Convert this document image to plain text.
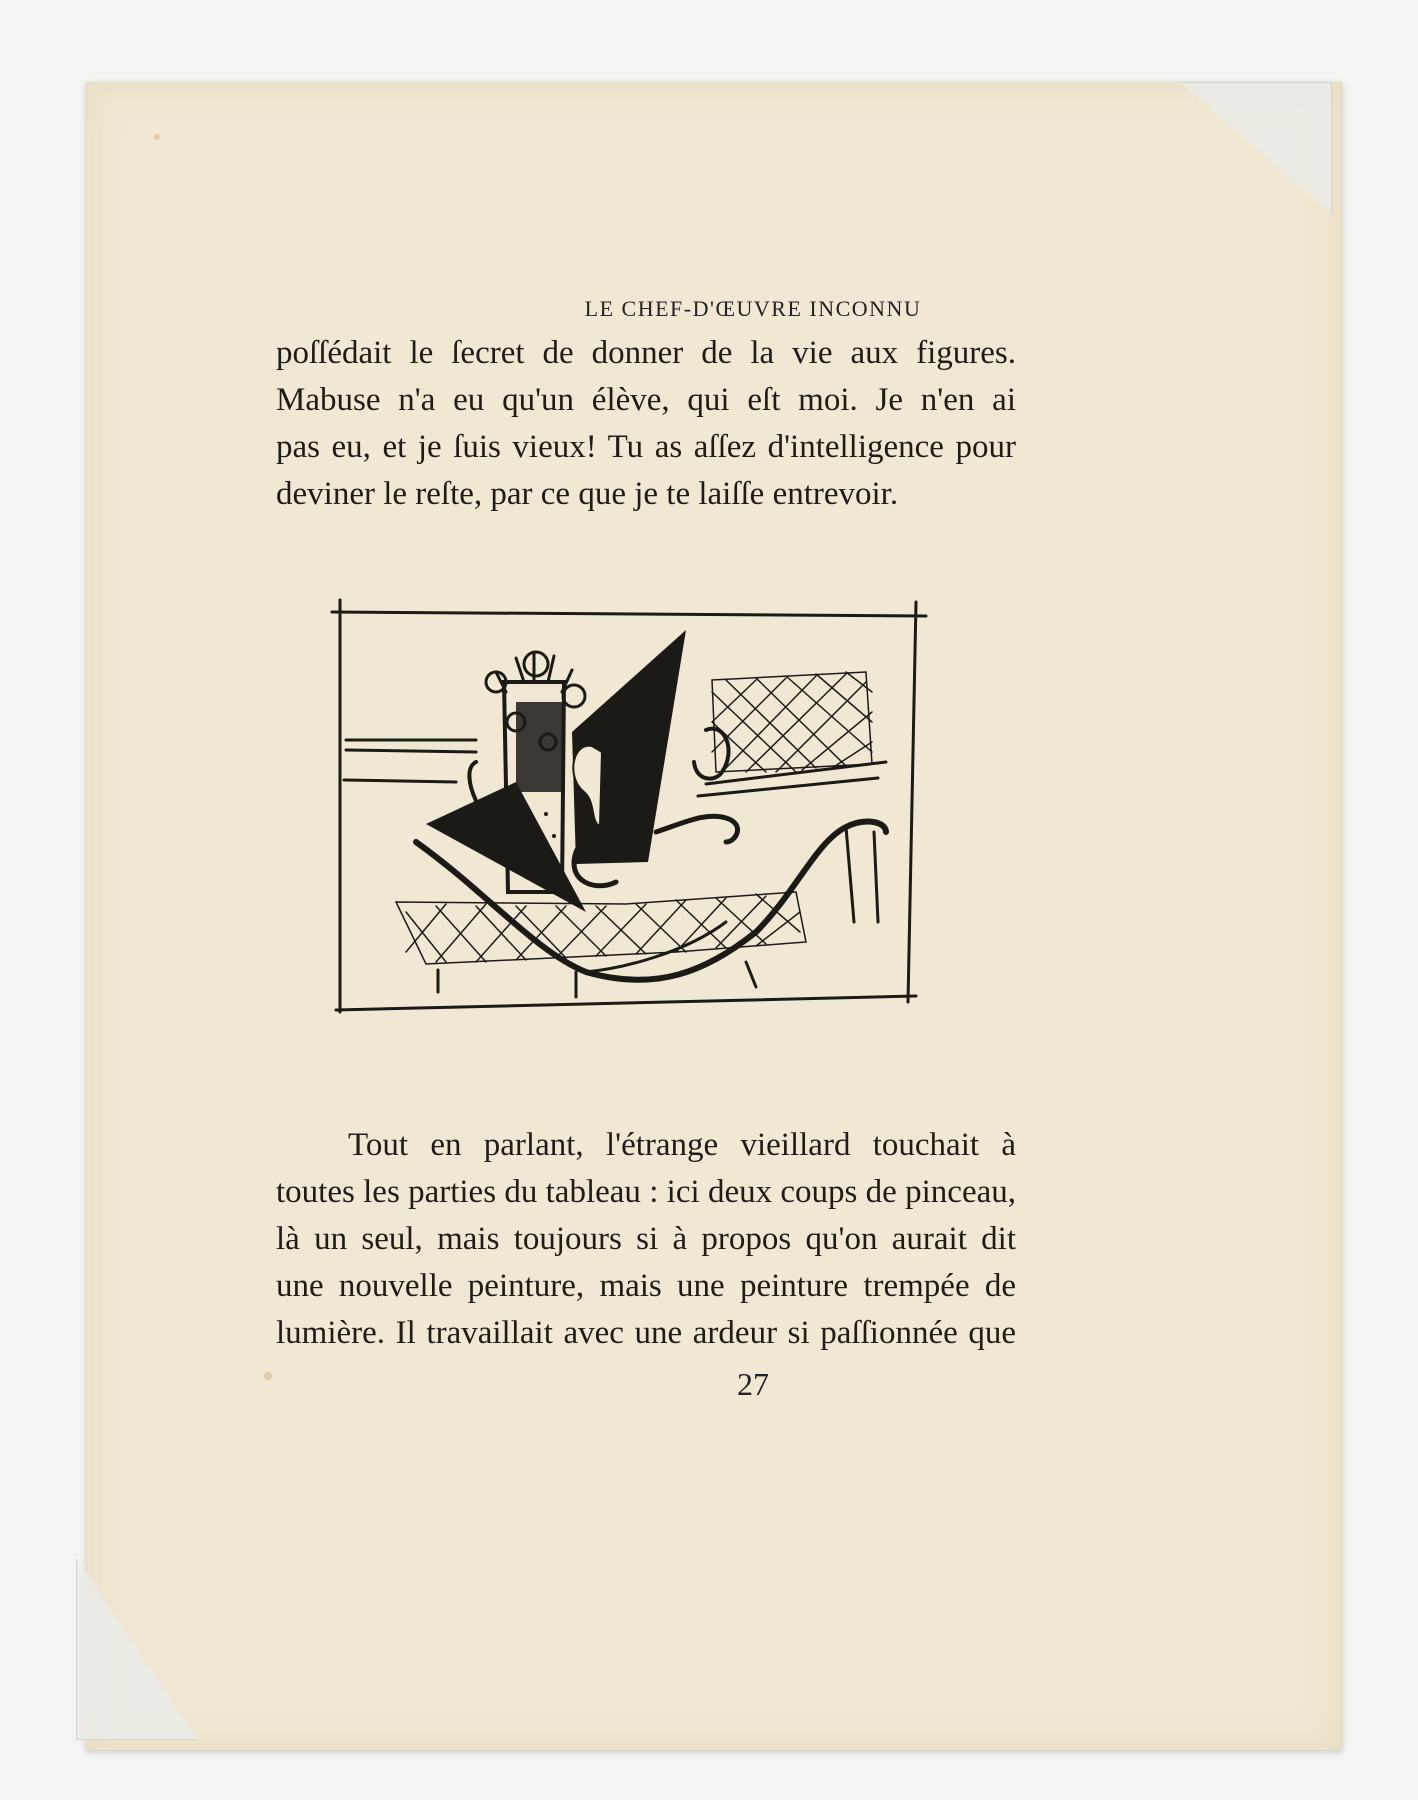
LE CHEF-D'ŒUVRE INCONNU
poſſédait le ſecret de donner de la vie aux figures.
Mabuse n'a eu qu'un élève, qui eſt moi. Je n'en ai
pas eu, et je ſuis vieux! Tu as aſſez d'intelligence pour
deviner le reſte, par ce que je te laiſſe entrevoir.
Tout en parlant, l'étrange vieillard touchait à
toutes les parties du tableau : ici deux coups de pinceau,
là un seul, mais toujours si à propos qu'on aurait dit
une nouvelle peinture, mais une peinture trempée de
lumière. Il travaillait avec une ardeur si paſſionnée que
27
